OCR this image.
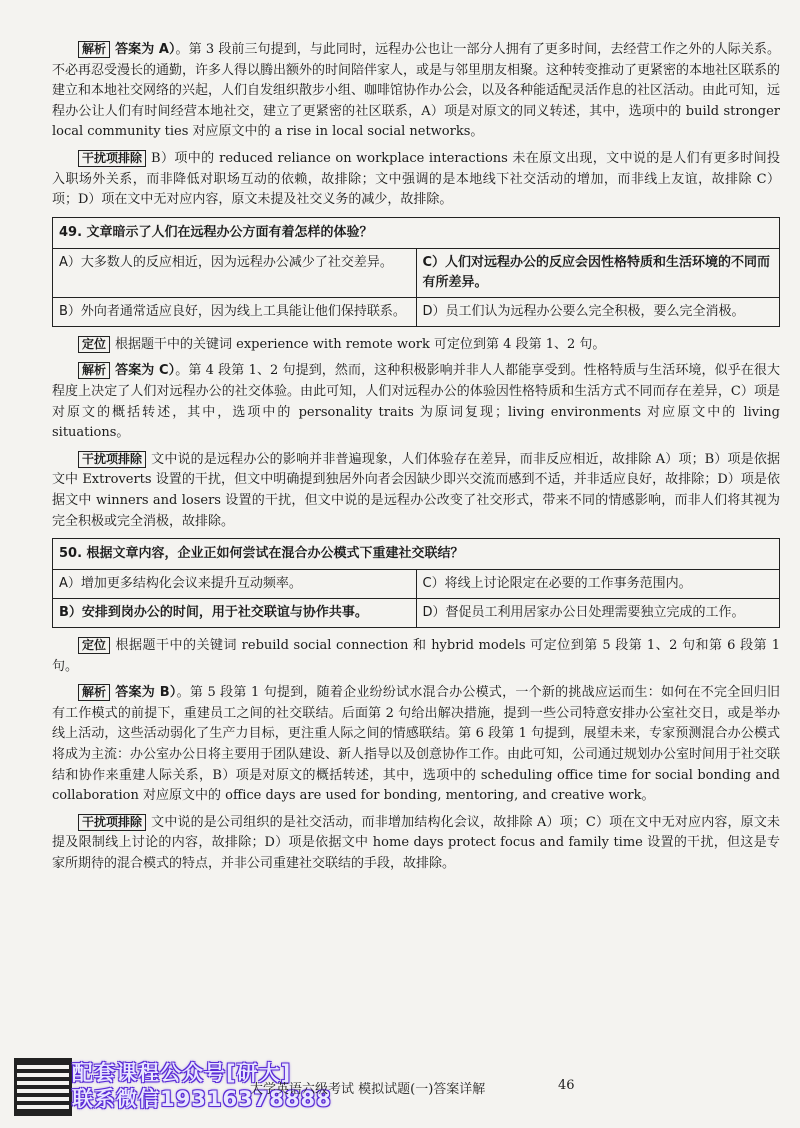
解析 答案为 A）。第 3 段前三句提到，与此同时，远程办公也让一部分人拥有了更多时间，去经营工作之外的人际关系。不必再忍受漫长的通勤，许多人得以腾出额外的时间陪伴家人，或是与邻里朋友相聚。这种转变推动了更紧密的本地社区联系的建立和本地社交网络的兴起，人们自发组织散步小组、咖啡馆协作办公会，以及各种能适配灵活作息的社区活动。由此可知，远程办公让人们有时间经营本地社交，建立了更紧密的社区联系，A）项是对原文的同义转述，其中，选项中的 build stronger local community ties 对应原文中的 a rise in local social networks。

干扰项排除 B）项中的 reduced reliance on workplace interactions 未在原文出现，文中说的是人们有更多时间投入职场外关系，而非降低对职场互动的依赖，故排除；文中强调的是本地线下社交活动的增加，而非线上友谊，故排除 C）项；D）项在文中无对应内容，原文未提及社交义务的减少，故排除。

49. 文章暗示了人们在远程办公方面有着怎样的体验？	
A）大多数人的反应相近，因为远程办公减少了社交差异。	C）人们对远程办公的反应会因性格特质和生活环境的不同而有所差异。
B）外向者通常适应良好，因为线上工具能让他们保持联系。	D）员工们认为远程办公要么完全积极，要么完全消极。

定位 根据题干中的关键词 experience with remote work 可定位到第 4 段第 1、2 句。

解析 答案为 C）。第 4 段第 1、2 句提到，然而，这种积极影响并非人人都能享受到。性格特质与生活环境，似乎在很大程度上决定了人们对远程办公的社交体验。由此可知，人们对远程办公的体验因性格特质和生活方式不同而存在差异，C）项是对原文的概括转述，其中，选项中的 personality traits 为原词复现；living environments 对应原文中的 living situations。

干扰项排除 文中说的是远程办公的影响并非普遍现象，人们体验存在差异，而非反应相近，故排除 A）项；B）项是依据文中 Extroverts 设置的干扰，但文中明确提到独居外向者会因缺少即兴交流而感到不适，并非适应良好，故排除；D）项是依据文中 winners and losers 设置的干扰，但文中说的是远程办公改变了社交形式，带来不同的情感影响，而非人们将其视为完全积极或完全消极，故排除。

50. 根据文章内容，企业正如何尝试在混合办公模式下重建社交联结？	
A）增加更多结构化会议来提升互动频率。	C）将线上讨论限定在必要的工作事务范围内。
B）安排到岗办公的时间，用于社交联谊与协作共事。	D）督促员工利用居家办公日处理需要独立完成的工作。

定位 根据题干中的关键词 rebuild social connection 和 hybrid models 可定位到第 5 段第 1、2 句和第 6 段第 1 句。

解析 答案为 B）。第 5 段第 1 句提到，随着企业纷纷试水混合办公模式，一个新的挑战应运而生：如何在不完全回归旧有工作模式的前提下，重建员工之间的社交联结。后面第 2 句给出解决措施，提到一些公司特意安排办公室社交日，或是举办线上活动，这些活动弱化了生产力目标，更注重人际之间的情感联结。第 6 段第 1 句提到，展望未来，专家预测混合办公模式将成为主流：办公室办公日将主要用于团队建设、新人指导以及创意协作工作。由此可知，公司通过规划办公室时间用于社交联结和协作来重建人际关系，B）项是对原文的概括转述，其中，选项中的 scheduling office time for social bonding and collaboration 对应原文中的 office days are used for bonding, mentoring, and creative work。

干扰项排除 文中说的是公司组织的是社交活动，而非增加结构化会议，故排除 A）项；C）项在文中无对应内容，原文未提及限制线上讨论的内容，故排除；D）项是依据文中 home days protect focus and family time 设置的干扰，但这是专家所期待的混合模式的特点，并非公司重建社交联结的手段，故排除。

配套课程公众号[研大]
联系微信19316378888
大学英语六级考试 模拟试题(一)答案详解	46
